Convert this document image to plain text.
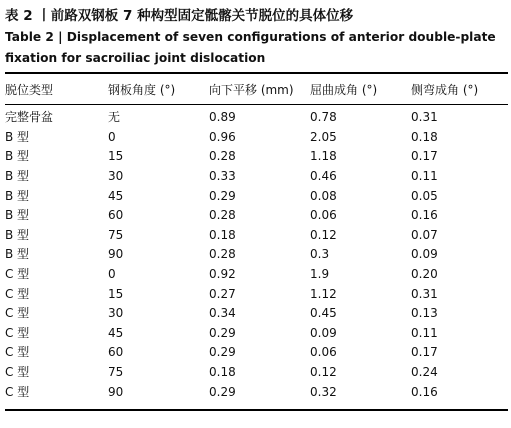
表 2 丨前路双钢板 7 种构型固定骶髂关节脱位的具体位移
Table 2 | Displacement of seven configurations of anterior double-plate
fixation for sacroiliac joint dislocation
脱位类型	钢板角度 (°)	向下平移 (mm)	屈曲成角 (°)	侧弯成角 (°)
完整骨盆	无	0.89	0.78	0.31
B 型	0	0.96	2.05	0.18
B 型	15	0.28	1.18	0.17
B 型	30	0.33	0.46	0.11
B 型	45	0.29	0.08	0.05
B 型	60	0.28	0.06	0.16
B 型	75	0.18	0.12	0.07
B 型	90	0.28	0.3	0.09
C 型	0	0.92	1.9	0.20
C 型	15	0.27	1.12	0.31
C 型	30	0.34	0.45	0.13
C 型	45	0.29	0.09	0.11
C 型	60	0.29	0.06	0.17
C 型	75	0.18	0.12	0.24
C 型	90	0.29	0.32	0.16
